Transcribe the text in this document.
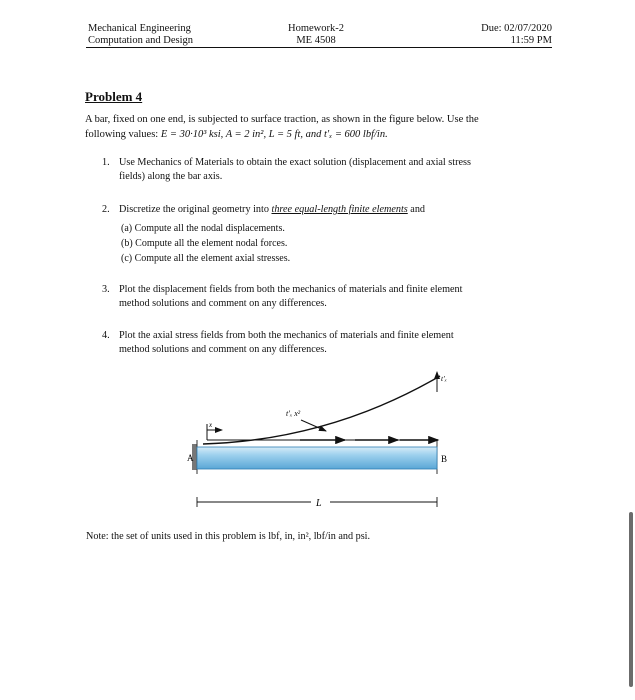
Mechanical Engineering
Computation and Design
Homework-2
ME 4508
Due: 02/07/2020
11:59 PM
Problem 4
A bar, fixed on one end, is subjected to surface traction, as shown in the figure below. Use the
following values: E = 30·10³ ksi, A = 2 in², L = 5 ft, and t′ₓ = 600 lbf/in.
1. Use Mechanics of Materials to obtain the exact solution (displacement and axial stress
fields) along the bar axis.
2. Discretize the original geometry into three equal-length finite elements and
(a) Compute all the nodal displacements.
(b) Compute all the element nodal forces.
(c) Compute all the element axial stresses.
3. Plot the displacement fields from both the mechanics of materials and finite element
method solutions and comment on any differences.
4. Plot the axial stress fields from both the mechanics of materials and finite element
method solutions and comment on any differences.
t′ₓ x²
x
t′ₓ
A	B
L
Note: the set of units used in this problem is lbf, in, in², lbf/in and psi.
